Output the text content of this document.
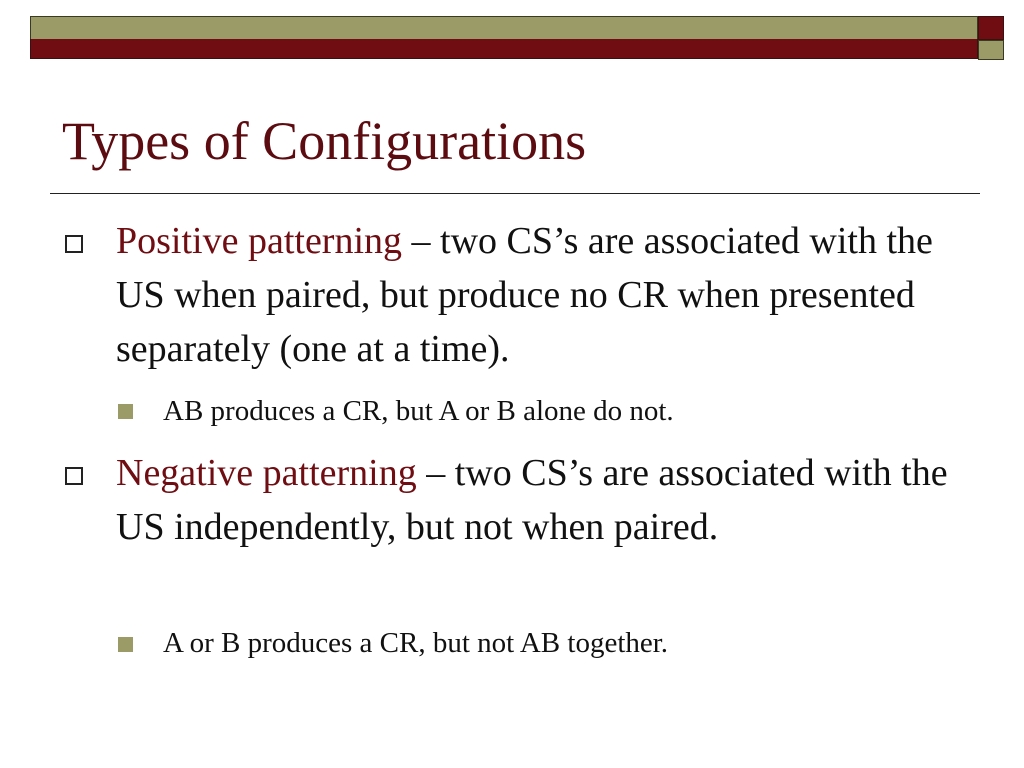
Types of Configurations
Positive patterning – two CS’s are associated with the US when paired, but produce no CR when presented separately (one at a time).
AB produces a CR, but A or B alone do not.
Negative patterning – two CS’s are associated with the US independently, but not when paired.
A or B produces a CR, but not AB together.
